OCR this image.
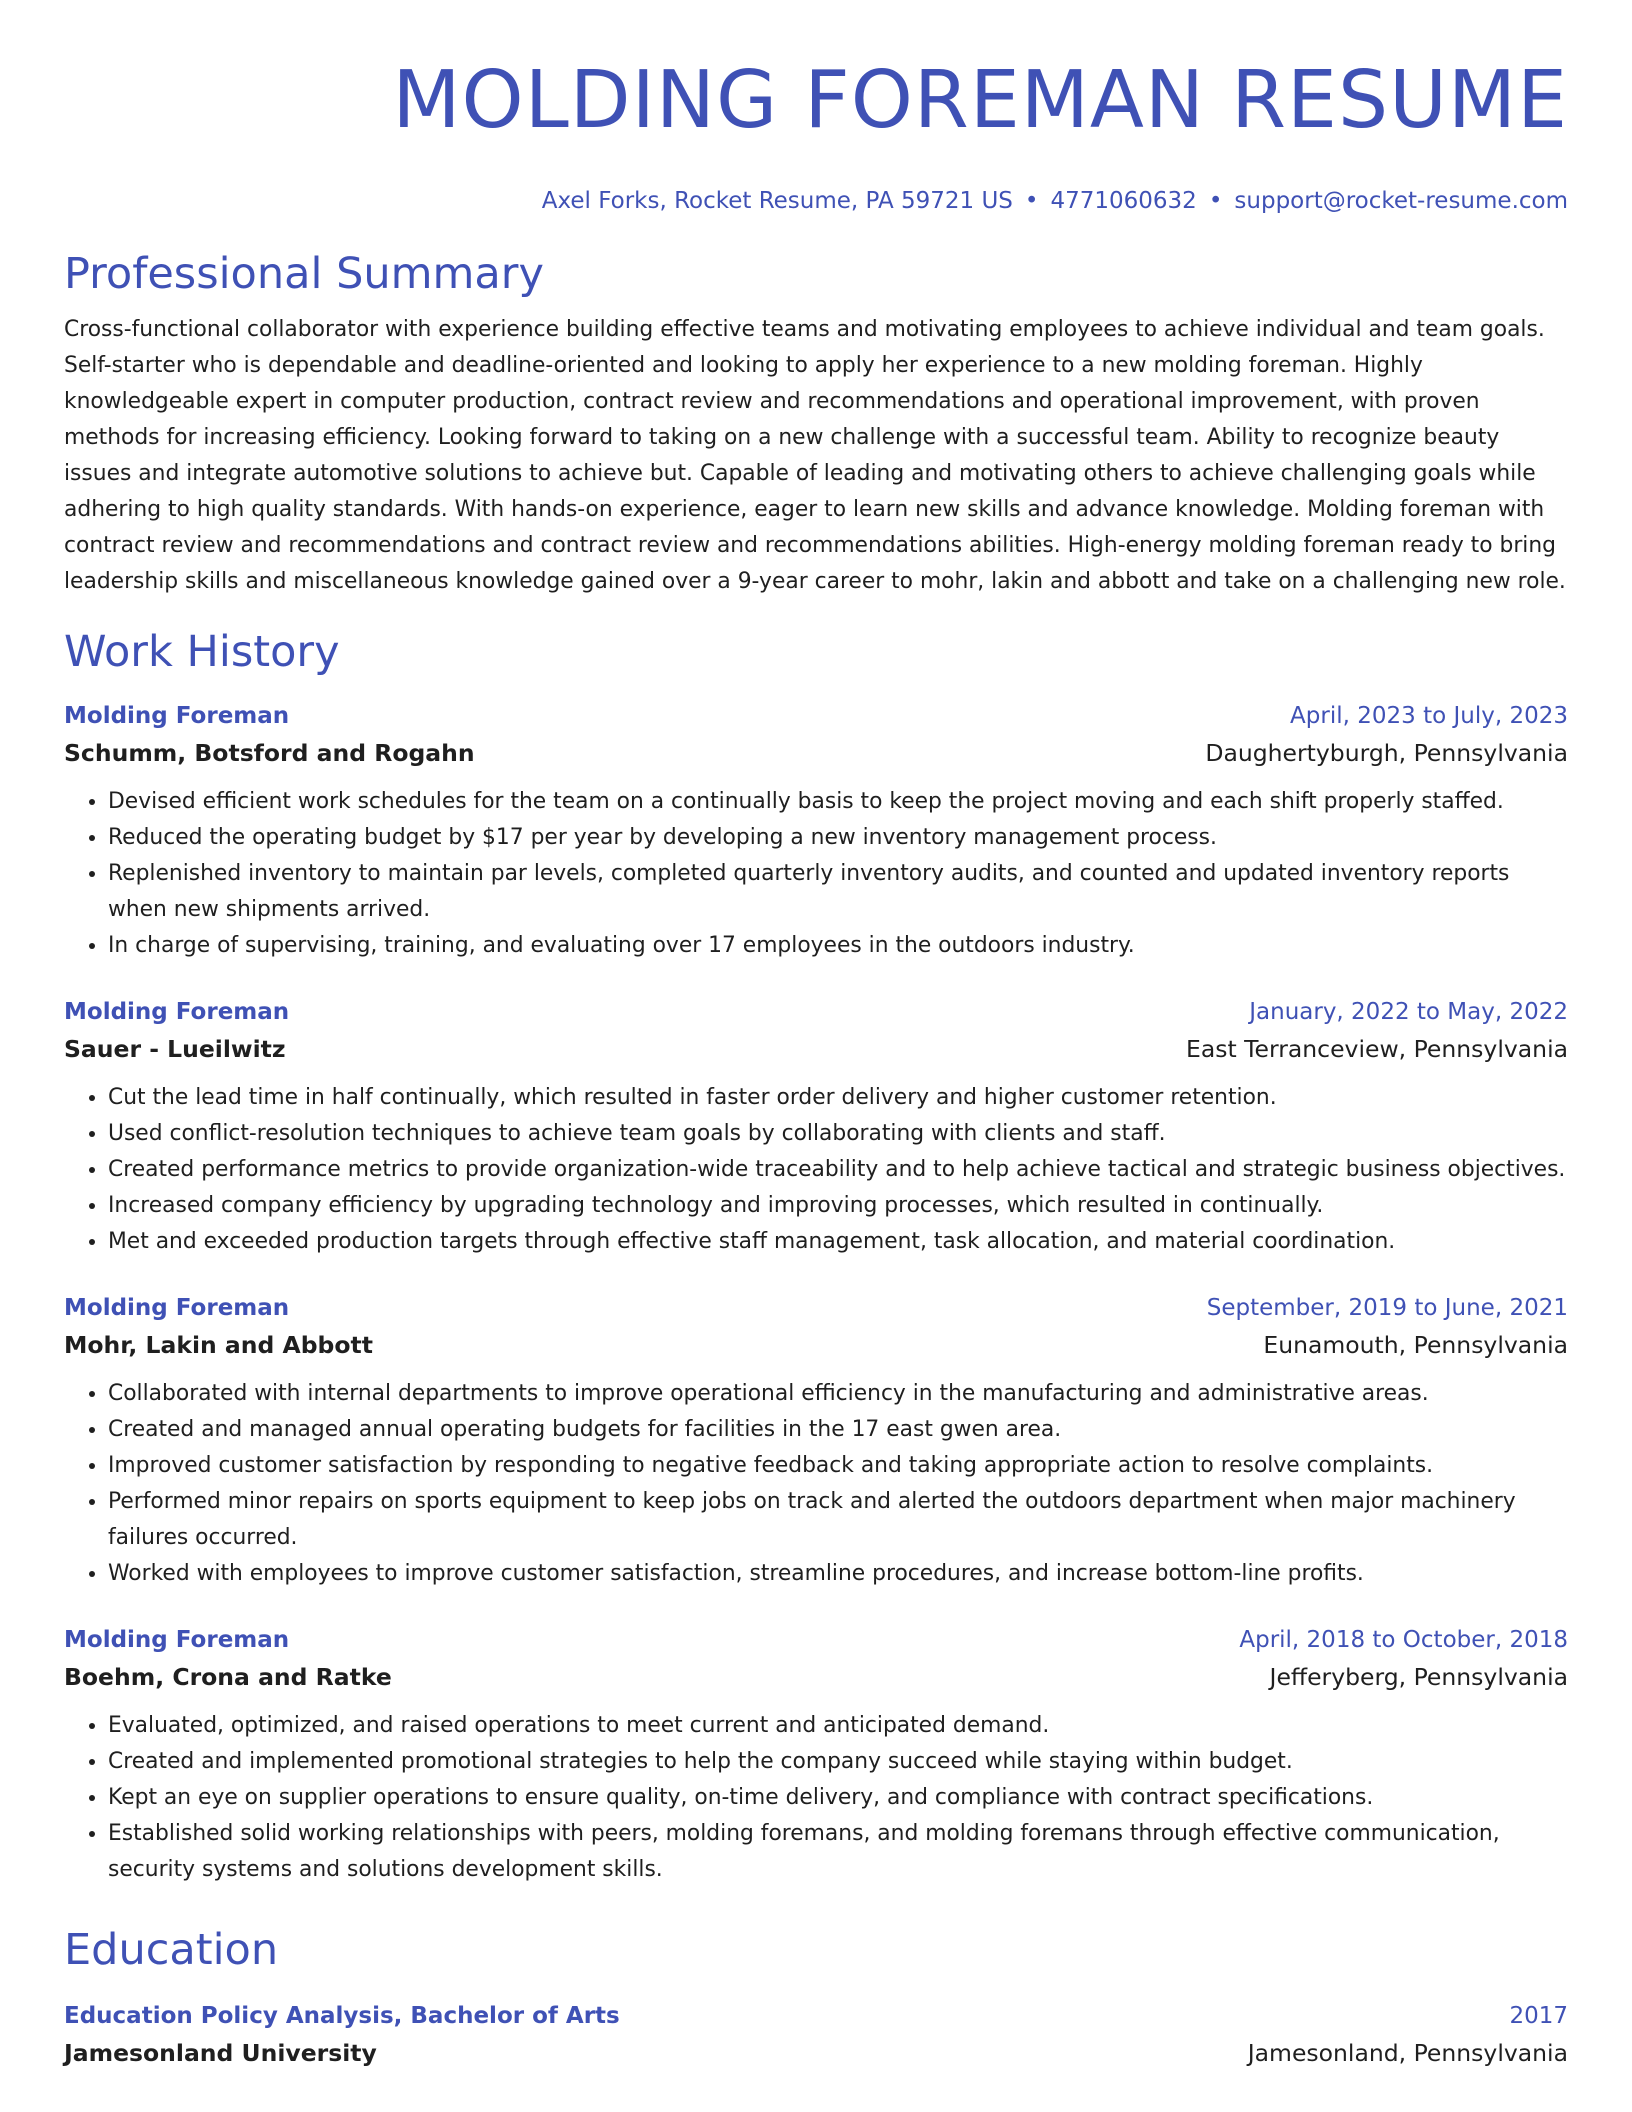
MOLDING FOREMAN RESUME
Axel Forks, Rocket Resume, PA 59721 US • 4771060632 • support@rocket-resume.com
Professional Summary

Cross-functional collaborator with experience building effective teams and motivating employees to achieve individual and team goals. Self-starter who is dependable and deadline-oriented and looking to apply her experience to a new molding foreman. Highly knowledgeable expert in computer production, contract review and recommendations and operational improvement, with proven methods for increasing efficiency. Looking forward to taking on a new challenge with a successful team. Ability to recognize beauty issues and integrate automotive solutions to achieve but. Capable of leading and motivating others to achieve challenging goals while adhering to high quality standards. With hands-on experience, eager to learn new skills and advance knowledge. Molding foreman with contract review and recommendations and contract review and recommendations abilities. High-energy molding foreman ready to bring leadership skills and miscellaneous knowledge gained over a 9-year career to mohr, lakin and abbott and take on a challenging new role.

Work History
Molding Foreman	April, 2023 to July, 2023
Schumm, Botsford and Rogahn	Daughertyburgh, Pennsylvania
• Devised efficient work schedules for the team on a continually basis to keep the project moving and each shift properly staffed.
• Reduced the operating budget by $17 per year by developing a new inventory management process.
• Replenished inventory to maintain par levels, completed quarterly inventory audits, and counted and updated inventory reports when new shipments arrived.
• In charge of supervising, training, and evaluating over 17 employees in the outdoors industry.
Molding Foreman	January, 2022 to May, 2022
Sauer - Lueilwitz	East Terranceview, Pennsylvania
• Cut the lead time in half continually, which resulted in faster order delivery and higher customer retention.
• Used conflict-resolution techniques to achieve team goals by collaborating with clients and staff.
• Created performance metrics to provide organization-wide traceability and to help achieve tactical and strategic business objectives.
• Increased company efficiency by upgrading technology and improving processes, which resulted in continually.
• Met and exceeded production targets through effective staff management, task allocation, and material coordination.
Molding Foreman	September, 2019 to June, 2021
Mohr, Lakin and Abbott	Eunamouth, Pennsylvania
• Collaborated with internal departments to improve operational efficiency in the manufacturing and administrative areas.
• Created and managed annual operating budgets for facilities in the 17 east gwen area.
• Improved customer satisfaction by responding to negative feedback and taking appropriate action to resolve complaints.
• Performed minor repairs on sports equipment to keep jobs on track and alerted the outdoors department when major machinery failures occurred.
• Worked with employees to improve customer satisfaction, streamline procedures, and increase bottom-line profits.
Molding Foreman	April, 2018 to October, 2018
Boehm, Crona and Ratke	Jefferyberg, Pennsylvania
• Evaluated, optimized, and raised operations to meet current and anticipated demand.
• Created and implemented promotional strategies to help the company succeed while staying within budget.
• Kept an eye on supplier operations to ensure quality, on-time delivery, and compliance with contract specifications.
• Established solid working relationships with peers, molding foremans, and molding foremans through effective communication, security systems and solutions development skills.
Education
Education Policy Analysis, Bachelor of Arts	2017
Jamesonland University	Jamesonland, Pennsylvania
